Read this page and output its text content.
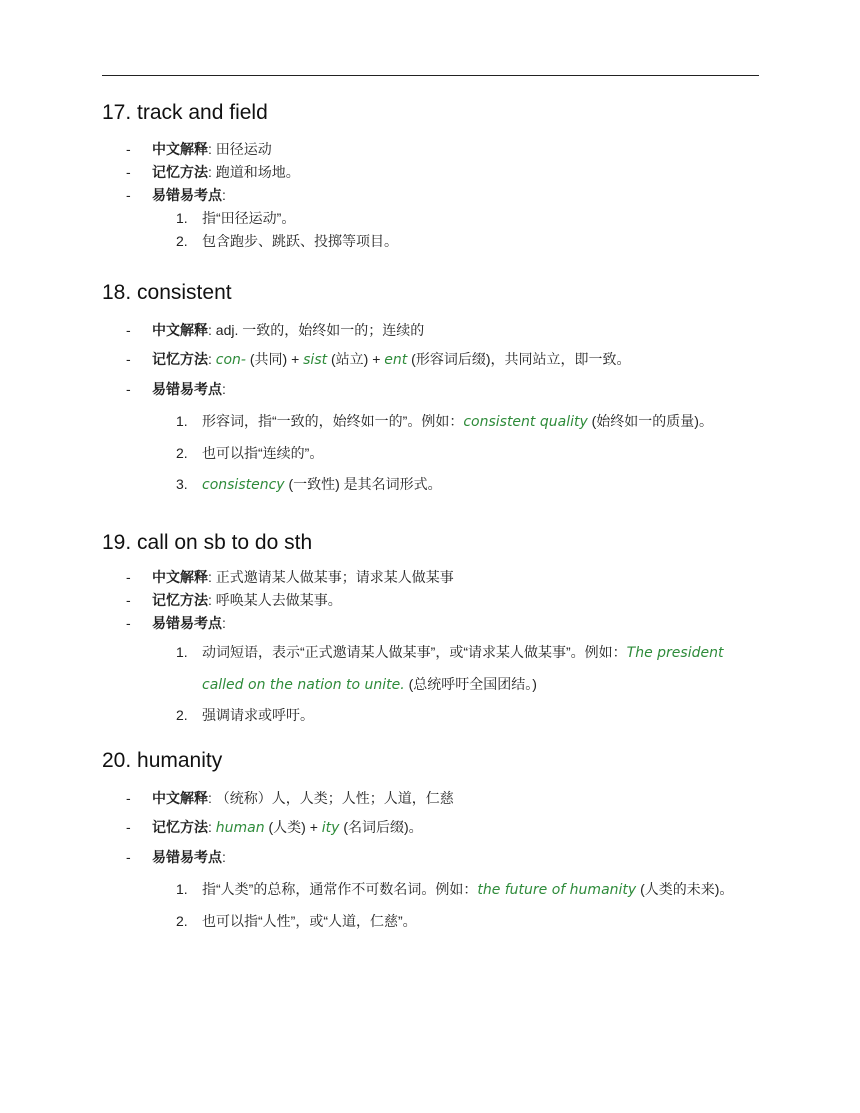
17. track and field
- 中文解释: 田径运动
- 记忆方法: 跑道和场地。
- 易错易考点:
1. 指“田径运动”。
2. 包含跑步、跳跃、投掷等项目。
18. consistent
- 中文解释: adj. 一致的，始终如一的；连续的
- 记忆方法: con- (共同) + sist (站立) + ent (形容词后缀)，共同站立，即一致。
- 易错易考点:
1. 形容词，指“一致的，始终如一的”。例如：consistent quality (始终如一的质量)。
2. 也可以指“连续的”。
3. consistency (一致性) 是其名词形式。
19. call on sb to do sth
- 中文解释: 正式邀请某人做某事；请求某人做某事
- 记忆方法: 呼唤某人去做某事。
- 易错易考点:
1. 动词短语，表示“正式邀请某人做某事”，或“请求某人做某事”。例如：The president called on the nation to unite. (总统呼吁全国团结。)
2. 强调请求或呼吁。
20. humanity
- 中文解释: （统称）人，人类；人性；人道，仁慈
- 记忆方法: human (人类) + ity (名词后缀)。
- 易错易考点:
1. 指“人类”的总称，通常作不可数名词。例如：the future of humanity (人类的未来)。
2. 也可以指“人性”，或“人道，仁慈”。
